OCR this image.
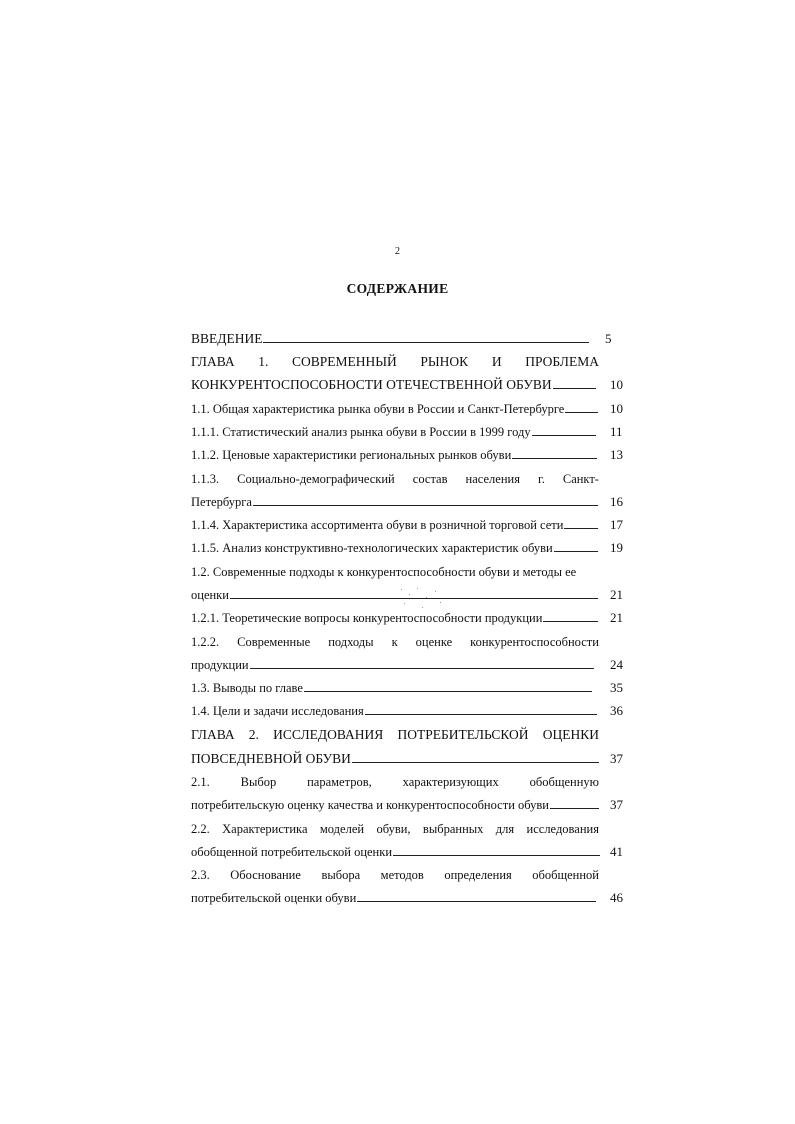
2
СОДЕРЖАНИЕ
ВВЕДЕНИЕ	5
ГЛАВА 1. СОВРЕМЕННЫЙ РЫНОК И ПРОБЛЕМА
КОНКУРЕНТОСПОСОБНОСТИ ОТЕЧЕСТВЕННОЙ ОБУВИ	10
1.1. Общая характеристика рынка обуви в России и Санкт-Петербурге	10
1.1.1. Статистический анализ рынка обуви в России в 1999 году	11
1.1.2. Ценовые характеристики региональных рынков обуви	13
1.1.3. Социально-демографический состав населения г. Санкт-
Петербурга	16
1.1.4. Характеристика ассортимента обуви в розничной торговой сети	17
1.1.5. Анализ конструктивно-технологических характеристик обуви	19
1.2. Современные подходы к конкурентоспособности обуви и методы ее
оценки	21
1.2.1. Теоретические вопросы конкурентоспособности продукции	21
1.2.2. Современные подходы к оценке конкурентоспособности
продукции	24
1.3. Выводы по главе	35
1.4. Цели и задачи исследования	36
ГЛАВА 2. ИССЛЕДОВАНИЯ ПОТРЕБИТЕЛЬСКОЙ ОЦЕНКИ
ПОВСЕДНЕВНОЙ ОБУВИ	37
2.1. Выбор параметров, характеризующих обобщенную
потребительскую оценку качества и конкурентоспособности обуви	37
2.2. Характеристика моделей обуви, выбранных для исследования
обобщенной потребительской оценки	41
2.3. Обоснование выбора методов определения обобщенной
потребительской оценки обуви	46
